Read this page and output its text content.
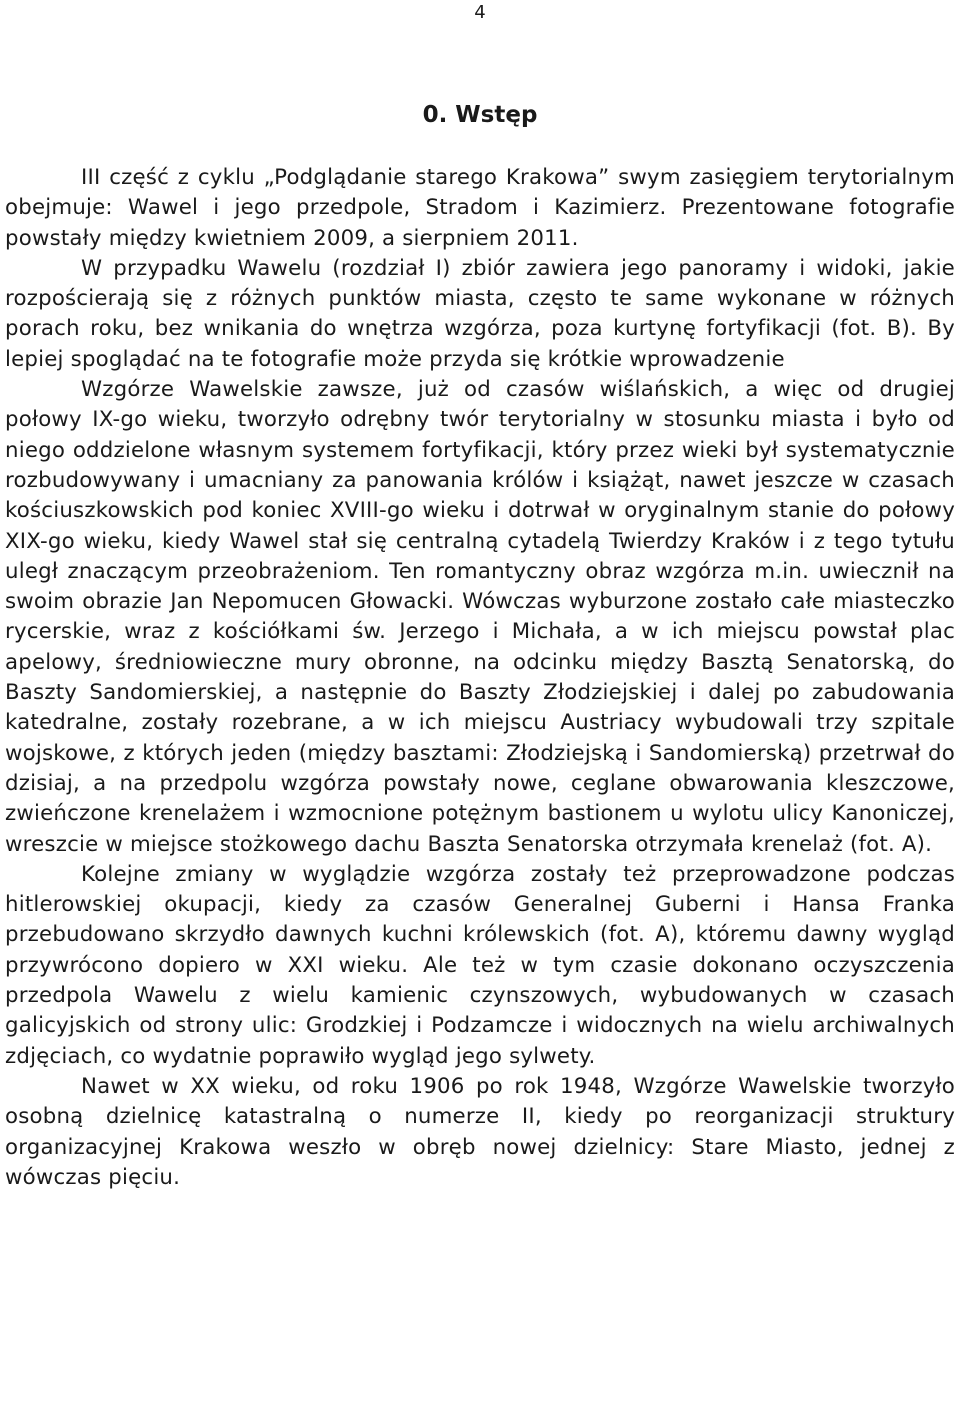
4
0. Wstęp

III część z cyklu „Podglądanie starego Krakowa” swym zasięgiem terytorialnym obejmuje: Wawel i jego przedpole, Stradom i Kazimierz. Prezentowane fotografie powstały między kwietniem 2009, a sierpniem 2011.

W przypadku Wawelu (rozdział I) zbiór zawiera jego panoramy i widoki, jakie rozpościerają się z różnych punktów miasta, często te same wykonane w różnych porach roku, bez wnikania do wnętrza wzgórza, poza kurtynę fortyfikacji (fot. B). By lepiej spoglądać na te fotografie może przyda się krótkie wprowadzenie

Wzgórze Wawelskie zawsze, już od czasów wiślańskich, a więc od drugiej połowy IX-go wieku, tworzyło odrębny twór terytorialny w stosunku miasta i było od niego oddzielone własnym systemem fortyfikacji, który przez wieki był systematycznie rozbudowywany i umacniany za panowania królów i książąt, nawet jeszcze w czasach kościuszkowskich pod koniec XVIII-go wieku i dotrwał w oryginalnym stanie do połowy XIX-go wieku, kiedy Wawel stał się centralną cytadelą Twierdzy Kraków i z tego tytułu uległ znaczącym przeobrażeniom. Ten romantyczny obraz wzgórza m.in. uwiecznił na swoim obrazie Jan Nepomucen Głowacki. Wówczas wyburzone zostało całe miasteczko rycerskie, wraz z kościółkami św. Jerzego i Michała, a w ich miejscu powstał plac apelowy, średniowieczne mury obronne, na odcinku między Basztą Senatorską, do Baszty Sandomierskiej, a następnie do Baszty Złodziejskiej i dalej po zabudowania katedralne, zostały rozebrane, a w ich miejscu Austriacy wybudowali trzy szpitale wojskowe, z których jeden (między basztami: Złodziejską i Sandomierską) przetrwał do dzisiaj, a na przedpolu wzgórza powstały nowe, ceglane obwarowania kleszczowe, zwieńczone krenelażem i wzmocnione potężnym bastionem u wylotu ulicy Kanoniczej, wreszcie w miejsce stożkowego dachu Baszta Senatorska otrzymała krenelaż (fot. A).

Kolejne zmiany w wyglądzie wzgórza zostały też przeprowadzone podczas hitlerowskiej okupacji, kiedy za czasów Generalnej Guberni i Hansa Franka przebudowano skrzydło dawnych kuchni królewskich (fot. A), któremu dawny wygląd przywrócono dopiero w XXI wieku. Ale też w tym czasie dokonano oczyszczenia przedpola Wawelu z wielu kamienic czynszowych, wybudowanych w czasach galicyjskich od strony ulic: Grodzkiej i Podzamcze i widocznych na wielu archiwalnych zdjęciach, co wydatnie poprawiło wygląd jego sylwety.

Nawet w XX wieku, od roku 1906 po rok 1948, Wzgórze Wawelskie tworzyło osobną dzielnicę katastralną o numerze II, kiedy po reorganizacji struktury organizacyjnej Krakowa weszło w obręb nowej dzielnicy: Stare Miasto, jednej z wówczas pięciu.
